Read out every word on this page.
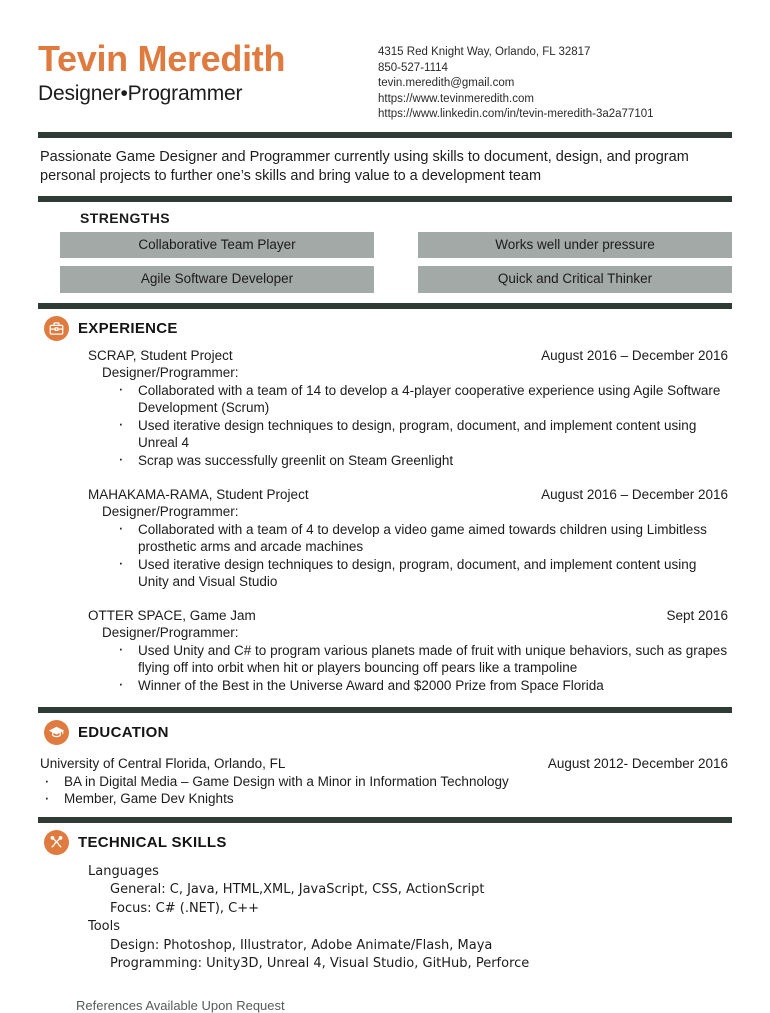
Tevin Meredith
Designer•Programmer
4315 Red Knight Way, Orlando, FL 32817
850-527-1114
tevin.meredith@gmail.com
https://www.tevinmeredith.com
https://www.linkedin.com/in/tevin-meredith-3a2a77101
Passionate Game Designer and Programmer currently using skills to document, design, and program personal projects to further one’s skills and bring value to a development team
STRENGTHS
Collaborative Team Player	Works well under pressure
Agile Software Developer	Quick and Critical Thinker
EXPERIENCE
SCRAP, Student Project	August 2016 – December 2016
Designer/Programmer:
· Collaborated with a team of 14 to develop a 4-player cooperative experience using Agile Software Development (Scrum)
· Used iterative design techniques to design, program, document, and implement content using Unreal 4
· Scrap was successfully greenlit on Steam Greenlight
MAHAKAMA-RAMA, Student Project	August 2016 – December 2016
Designer/Programmer:
· Collaborated with a team of 4 to develop a video game aimed towards children using Limbitless prosthetic arms and arcade machines
· Used iterative design techniques to design, program, document, and implement content using Unity and Visual Studio
OTTER SPACE, Game Jam	Sept 2016
Designer/Programmer:
· Used Unity and C# to program various planets made of fruit with unique behaviors, such as grapes flying off into orbit when hit or players bouncing off pears like a trampoline
· Winner of the Best in the Universe Award and $2000 Prize from Space Florida
EDUCATION
University of Central Florida, Orlando, FL	August 2012- December 2016
· BA in Digital Media – Game Design with a Minor in Information Technology
· Member, Game Dev Knights
TECHNICAL SKILLS
Languages
General: C, Java, HTML,XML, JavaScript, CSS, ActionScript
Focus: C# (.NET), C++
Tools
Design: Photoshop, Illustrator, Adobe Animate/Flash, Maya
Programming: Unity3D, Unreal 4, Visual Studio, GitHub, Perforce
References Available Upon Request
